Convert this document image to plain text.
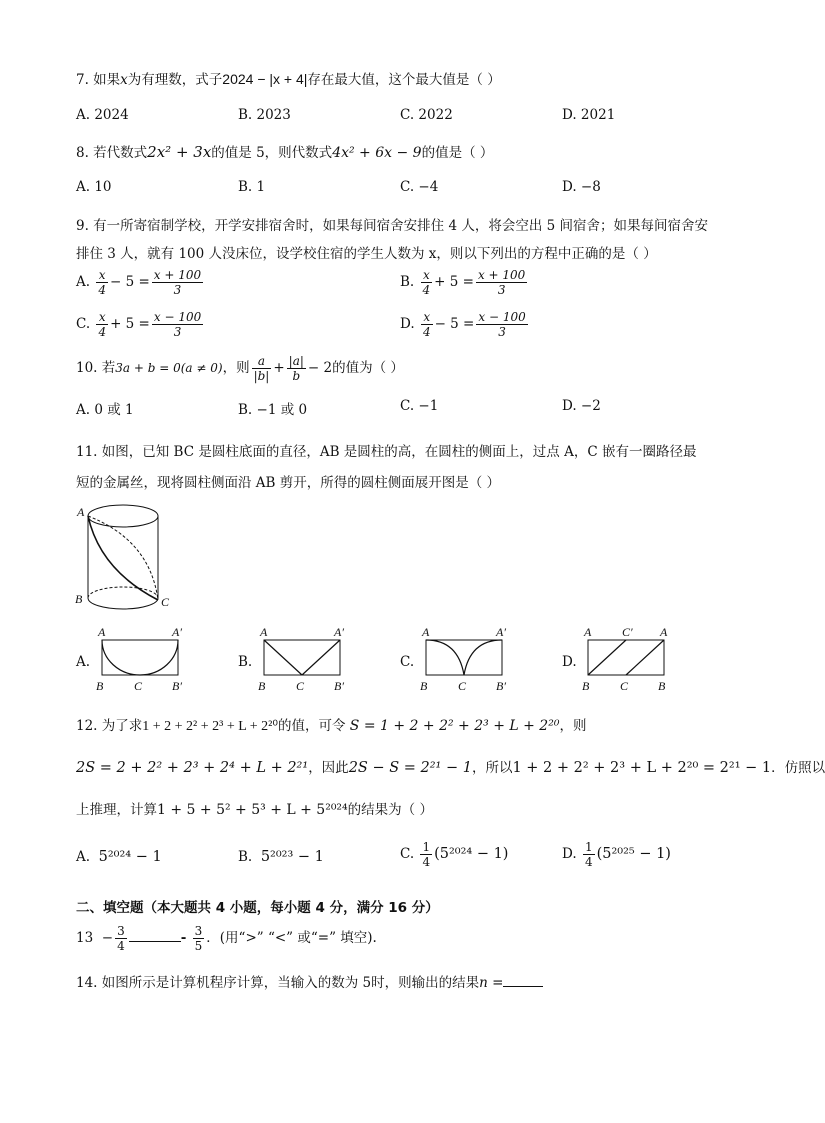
7. 如果x为有理数，式子2024 − |x + 4|存在最大值，这个最大值是（ ）
A. 2024	B. 2023	C. 2022	D. 2021
8. 若代数式2x² + 3x的值是 5，则代数式4x² + 6x − 9的值是（ ）
A. 10	B. 1	C. −4	D. −8
9. 有一所寄宿制学校，开学安排宿舍时，如果每间宿舍安排住 4 人，将会空出 5 间宿舍；如果每间宿舍安
排住 3 人，就有 100 人没床位，设学校住宿的学生人数为 x，则以下列出的方程中正确的是（ ）
A. $\frac{x}{4} - 5 = \frac{x + 100}{3}$	B. $\frac{x}{4} + 5 = \frac{x + 100}{3}$
C. $\frac{x}{4} + 5 = \frac{x - 100}{3}$	D. $\frac{x}{4} - 5 = \frac{x - 100}{3}$
10. 若3a + b = 0(a ≠ 0)，则 $\frac{a}{|b|} + \frac{|a|}{b} - 2$的值为（ ）
A. 0 或 1	B. −1 或 0	C. −1	D. −2
11. 如图，已知 BC 是圆柱底面的直径，AB 是圆柱的高，在圆柱的侧面上，过点 A，C 嵌有一圈路径最
短的金属丝，现将圆柱侧面沿 AB 剪开，所得的圆柱侧面展开图是（ ）
A
B	C
A.
A	A′
B	C B′
B.
A	A′
B	C B′
C.
A	A′
B	C B′
D.
A	C′ A
B	C B
12. 为了求1 + 2 + 2² + 2³ + L + 2²⁰的值，可令 S = 1 + 2 + 2² + 2³ + L + 2²⁰，则
2S = 2 + 2² + 2³ + 2⁴ + L + 2²¹，因此2S − S = 2²¹ − 1，所以1 + 2 + 2² + 2³ + L + 2²⁰ = 2²¹ − 1．仿照以
上推理，计算1 + 5 + 5² + 5³ + L + 5²⁰²⁴的结果为（ ）
A. 5²⁰²⁴ − 1	B. 5²⁰²³ − 1	C. $\frac{1}{4} (5^{2024} - 1)$	D. $\frac{1}{4} (5^{2025} - 1)$
二、填空题（本大题共 4 小题，每小题 4 分，满分 16 分）
$13 - \frac{3}{4}$	- $\frac{3}{5}$ ．(用“>” “<” 或“=” 填空).
14. 如图所示是计算机程序计算，当输入的数为 5时，则输出的结果n =
